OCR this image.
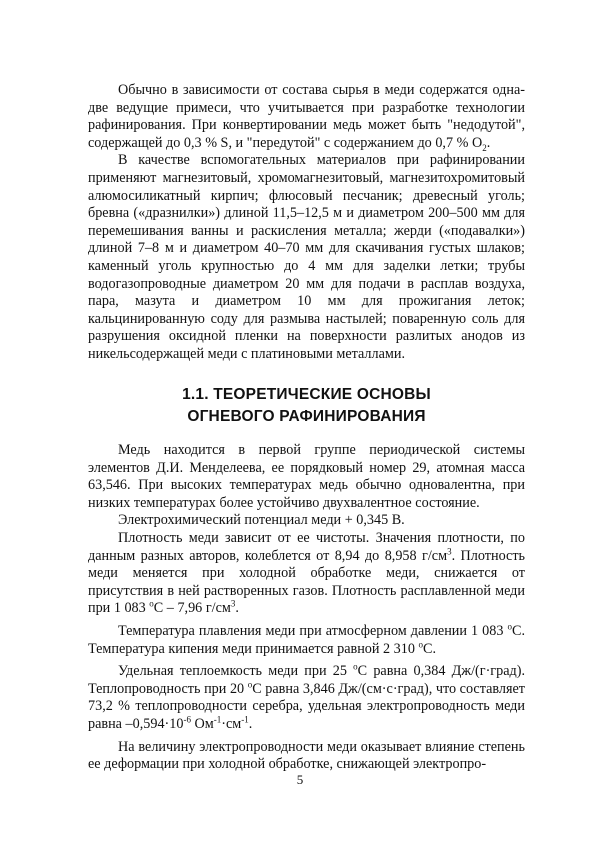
Обычно в зависимости от состава сырья в меди содержатся одна-две ведущие примеси, что учитывается при разработке технологии рафинирования. При конвертировании медь может быть "недодутой", содержащей до 0,3 % S, и "передутой" с содержанием до 0,7 % $O_2$.

В качестве вспомогательных материалов при рафинировании применяют магнезитовый, хромомагнезитовый, магнезитохромитовый алюмосиликатный кирпич; флюсовый песчаник; древесный уголь; бревна («дразнилки») длиной 11,5–12,5 м и диаметром 200–500 мм для перемешивания ванны и раскисления металла; жерди («подавалки») длиной 7–8 м и диаметром 40–70 мм для скачивания густых шлаков; каменный уголь крупностью до 4 мм для заделки летки; трубы водогазопроводные диаметром 20 мм для подачи в расплав воздуха, пара, мазута и диаметром 10 мм для прожигания леток; кальцинированную соду для размыва настылей; поваренную соль для разрушения оксидной пленки на поверхности разлитых анодов из никельсодержащей меди с платиновыми металлами.

1.1. ТЕОРЕТИЧЕСКИЕ ОСНОВЫ
ОГНЕВОГО РАФИНИРОВАНИЯ

Медь находится в первой группе периодической системы элементов Д.И. Менделеева, ее порядковый номер 29, атомная масса 63,546. При высоких температурах медь обычно одновалентна, при низких температурах более устойчиво двухвалентное состояние.

Электрохимический потенциал меди + 0,345 В.

Плотность меди зависит от ее чистоты. Значения плотности, по данным разных авторов, колеблется от 8,94 до 8,958 $г/см^3$. Плотность меди меняется при холодной обработке меди, снижается от присутствия в ней растворенных газов. Плотность расплавленной меди при 1 083 $^о$С – 7,96 $г/см^3$.

Температура плавления меди при атмосферном давлении 1 083 $^о$С. Температура кипения меди принимается равной 2 310 $^о$С.

Удельная теплоемкость меди при 25 $^о$С равна 0,384 Дж/(г·град). Теплопроводность при 20 $^о$С равна 3,846 Дж/(см·с·град), что составляет 73,2 % теплопроводности серебра, удельная электропроводность меди равна $-0,594\cdot 10^{-6}$ $Ом^{-1}\cdot см^{-1}$.

На величину электропроводности меди оказывает влияние степень ее деформации при холодной обработке, снижающей электропро-

5
